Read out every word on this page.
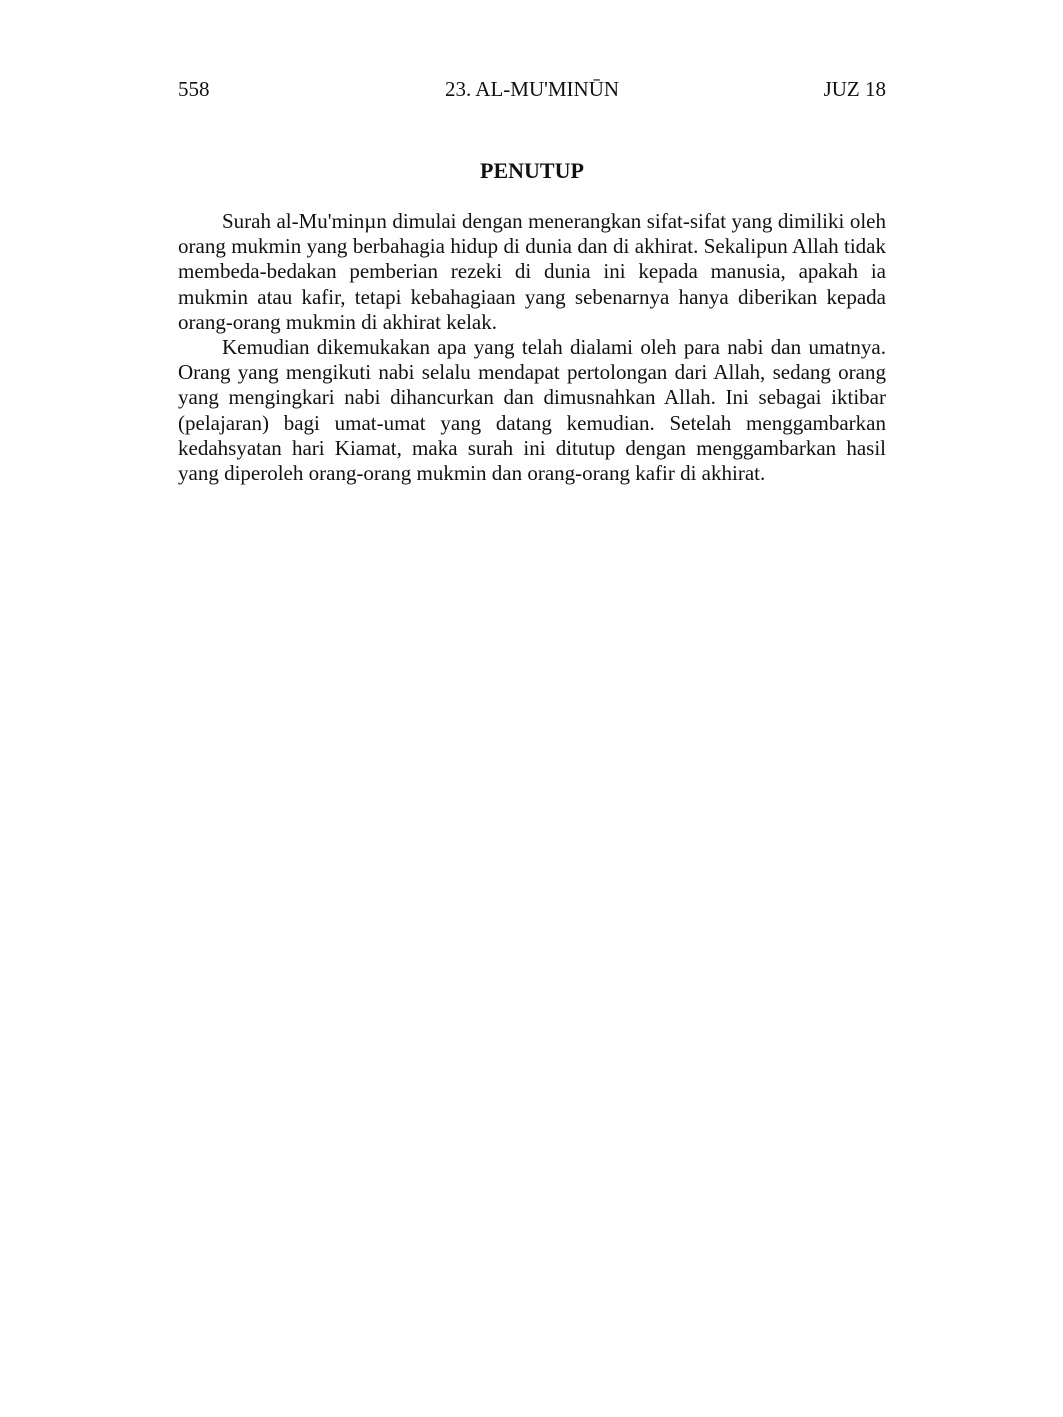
558	23. AL-MU'MINŪN	JUZ 18
PENUTUP

Surah al-Mu'minµn dimulai dengan menerangkan sifat-sifat yang dimiliki oleh orang mukmin yang berbahagia hidup di dunia dan di akhirat. Sekalipun Allah tidak membeda-bedakan pemberian rezeki di dunia ini kepada manusia, apakah ia mukmin atau kafir, tetapi kebahagiaan yang sebenarnya hanya diberikan kepada orang-orang mukmin di akhirat kelak.

Kemudian dikemukakan apa yang telah dialami oleh para nabi dan umatnya. Orang yang mengikuti nabi selalu mendapat pertolongan dari Allah, sedang orang yang mengingkari nabi dihancurkan dan dimusnahkan Allah. Ini sebagai iktibar (pelajaran) bagi umat-umat yang datang kemudian. Setelah menggambarkan kedahsyatan hari Kiamat, maka surah ini ditutup dengan menggambarkan hasil yang diperoleh orang-orang mukmin dan orang-orang kafir di akhirat.
